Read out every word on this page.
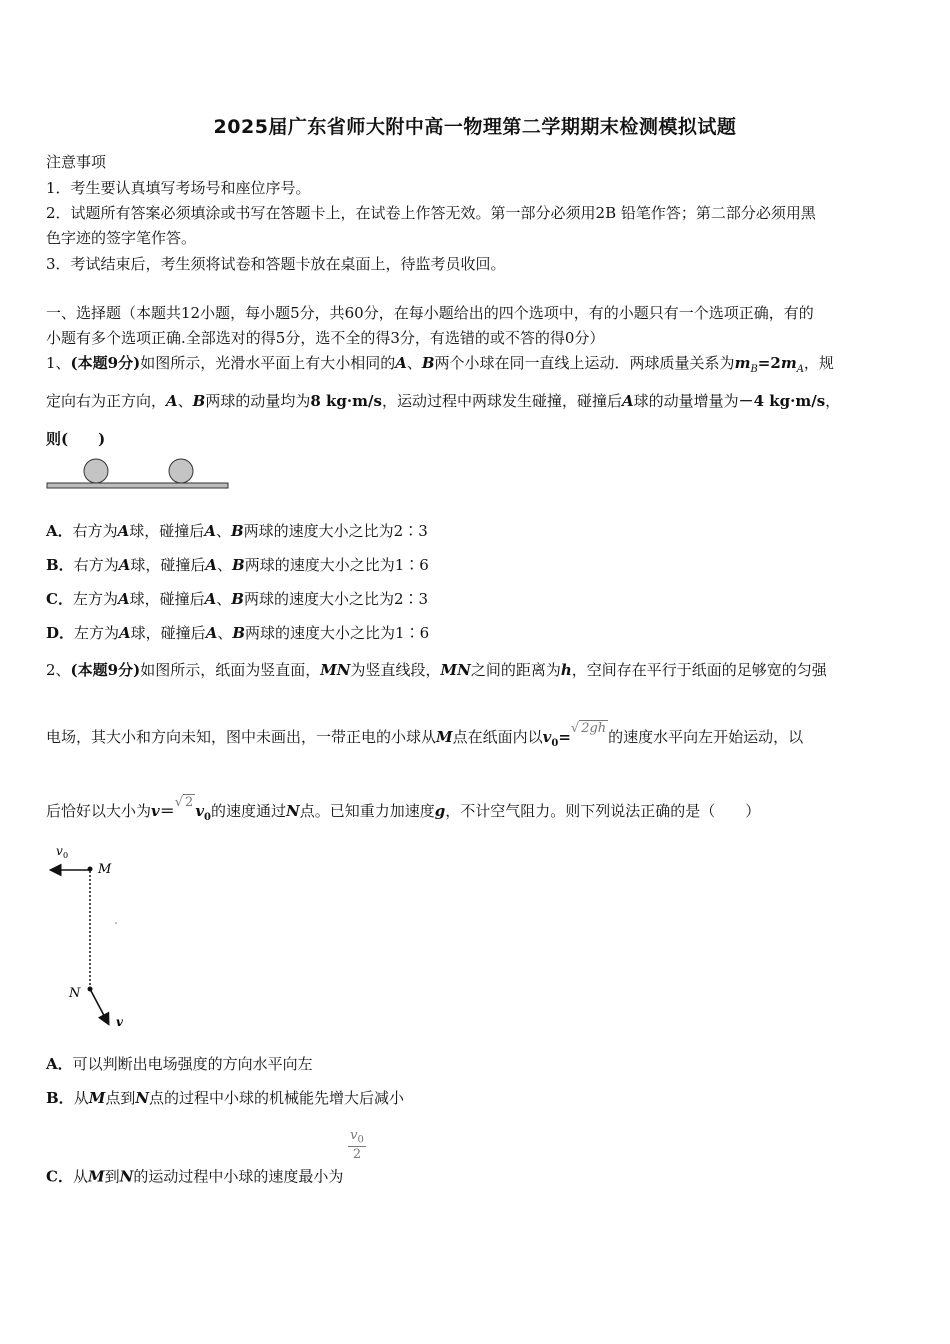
2025届广东省师大附中高一物理第二学期期末检测模拟试题
注意事项
1．考生要认真填写考场号和座位序号。
2．试题所有答案必须填涂或书写在答题卡上，在试卷上作答无效。第一部分必须用2B 铅笔作答；第二部分必须用黑
色字迹的签字笔作答。
3．考试结束后，考生须将试卷和答题卡放在桌面上，待监考员收回。
一、选择题（本题共12小题，每小题5分，共60分，在每小题给出的四个选项中，有的小题只有一个选项正确，有的
小题有多个选项正确.全部选对的得5分，选不全的得3分，有选错的或不答的得0分）
1、(本题9分)如图所示，光滑水平面上有大小相同的A、B两个小球在同一直线上运动．两球质量关系为$m_B=2m_A$，规
定向右为正方向，A、B两球的动量均为8 kg·m/s，运动过程中两球发生碰撞，碰撞后A球的动量增量为－4 kg·m/s，
则(　　)
A．右方为A球，碰撞后A、B两球的速度大小之比为2∶3
B．右方为A球，碰撞后A、B两球的速度大小之比为1∶6
C．左方为A球，碰撞后A、B两球的速度大小之比为2∶3
D．左方为A球，碰撞后A、B两球的速度大小之比为1∶6
2、(本题9分)如图所示，纸面为竖直面，MN为竖直线段，MN之间的距离为h，空间存在平行于纸面的足够宽的匀强
电场，其大小和方向未知，图中未画出，一带正电的小球从M点在纸面内以$v_0=√$ 2gh 的速度水平向左开始运动，以
后恰好以大小为v＝√ 2 $v_0$的速度通过N点。已知重力加速度g，不计空气阻力。则下列说法正确的是（　　）
v 0
M
N
v
A．可以判断出电场强度的方向水平向左
B．从M点到N点的过程中小球的机械能先增大后减小
C．从M到N的运动过程中小球的速度最小为
$\frac{v_0}{2}$
